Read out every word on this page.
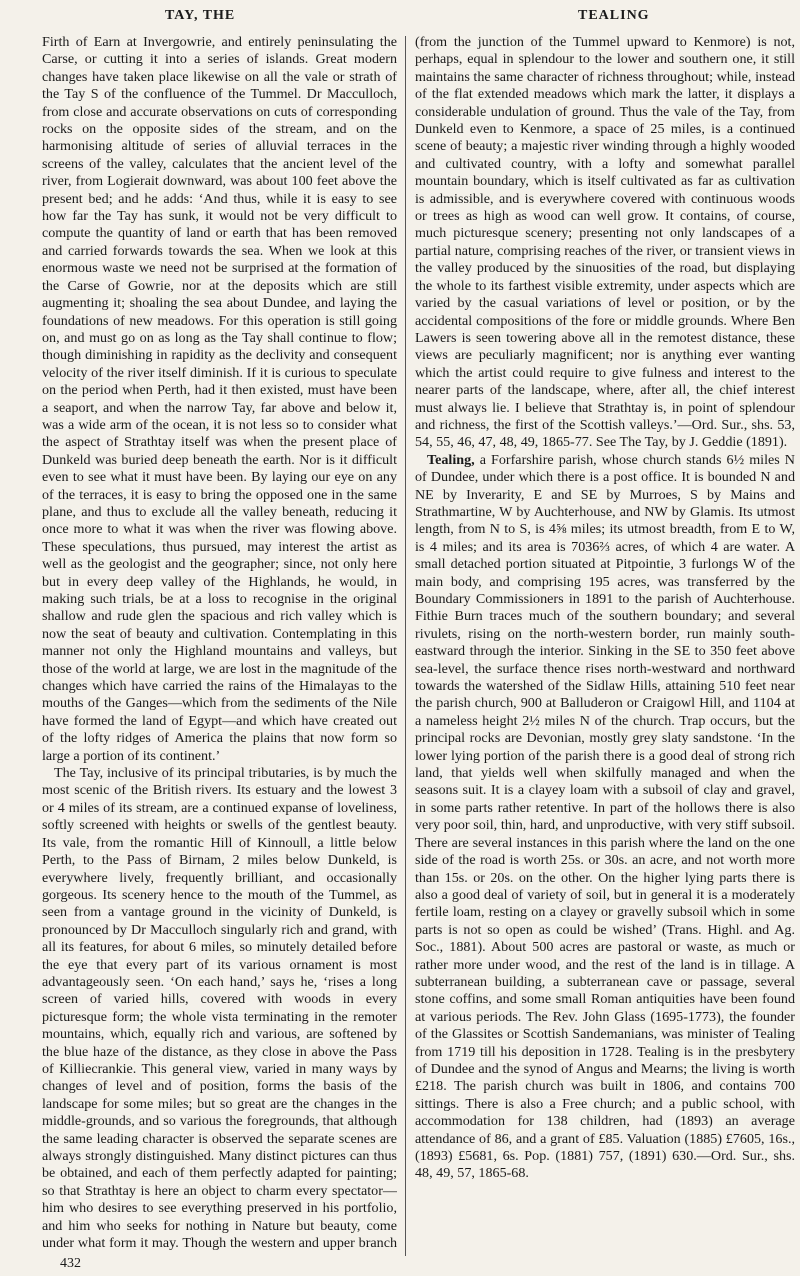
TAY, THE	TEALING

Firth of Earn at Invergowrie, and entirely peninsulating the Carse, or cutting it into a series of islands. Great modern changes have taken place likewise on all the vale or strath of the Tay S of the confluence of the Tummel. Dr Macculloch, from close and accurate observations on cuts of corresponding rocks on the opposite sides of the stream, and on the harmonising altitude of series of alluvial terraces in the screens of the valley, calculates that the ancient level of the river, from Logierait downward, was about 100 feet above the present bed; and he adds: ‘And thus, while it is easy to see how far the Tay has sunk, it would not be very difficult to compute the quantity of land or earth that has been removed and carried forwards towards the sea. When we look at this enormous waste we need not be surprised at the formation of the Carse of Gowrie, nor at the deposits which are still augmenting it; shoaling the sea about Dundee, and laying the foundations of new meadows. For this operation is still going on, and must go on as long as the Tay shall continue to flow; though diminishing in rapidity as the declivity and consequent velocity of the river itself diminish. If it is curious to speculate on the period when Perth, had it then existed, must have been a seaport, and when the narrow Tay, far above and below it, was a wide arm of the ocean, it is not less so to consider what the aspect of Strathtay itself was when the present place of Dunkeld was buried deep beneath the earth. Nor is it difficult even to see what it must have been. By laying our eye on any of the terraces, it is easy to bring the opposed one in the same plane, and thus to exclude all the valley beneath, reducing it once more to what it was when the river was flowing above. These speculations, thus pursued, may interest the artist as well as the geologist and the geographer; since, not only here but in every deep valley of the Highlands, he would, in making such trials, be at a loss to recognise in the original shallow and rude glen the spacious and rich valley which is now the seat of beauty and cultivation. Contemplating in this manner not only the Highland mountains and valleys, but those of the world at large, we are lost in the magnitude of the changes which have carried the rains of the Himalayas to the mouths of the Ganges—which from the sediments of the Nile have formed the land of Egypt—and which have created out of the lofty ridges of America the plains that now form so large a portion of its continent.’

The Tay, inclusive of its principal tributaries, is by much the most scenic of the British rivers. Its estuary and the lowest 3 or 4 miles of its stream, are a continued expanse of loveliness, softly screened with heights or swells of the gentlest beauty. Its vale, from the romantic Hill of Kinnoull, a little below Perth, to the Pass of Birnam, 2 miles below Dunkeld, is everywhere lively, frequently brilliant, and occasionally gorgeous. Its scenery hence to the mouth of the Tummel, as seen from a vantage ground in the vicinity of Dunkeld, is pronounced by Dr Macculloch singularly rich and grand, with all its features, for about 6 miles, so minutely detailed before the eye that every part of its various ornament is most advantageously seen. ‘On each hand,’ says he, ‘rises a long screen of varied hills, covered with woods in every picturesque form; the whole vista terminating in the remoter mountains, which, equally rich and various, are softened by the blue haze of the distance, as they close in above the Pass of Killiecrankie. This general view, varied in many ways by changes of level and of position, forms the basis of the landscape for some miles; but so great are the changes in the middle-grounds, and so various the foregrounds, that although the same leading character is observed the separate scenes are always strongly distinguished. Many distinct pictures can thus be obtained, and each of them perfectly adapted for painting; so that Strathtay is here an object to charm every spectator—him who desires to see everything preserved in his portfolio, and him who seeks for nothing in Nature but beauty, come under what form it may. Though the western and upper branch

(from the junction of the Tummel upward to Kenmore) is not, perhaps, equal in splendour to the lower and southern one, it still maintains the same character of richness throughout; while, instead of the flat extended meadows which mark the latter, it displays a considerable undulation of ground. Thus the vale of the Tay, from Dunkeld even to Kenmore, a space of 25 miles, is a continued scene of beauty; a majestic river winding through a highly wooded and cultivated country, with a lofty and somewhat parallel mountain boundary, which is itself cultivated as far as cultivation is admissible, and is everywhere covered with continuous woods or trees as high as wood can well grow. It contains, of course, much picturesque scenery; presenting not only landscapes of a partial nature, comprising reaches of the river, or transient views in the valley produced by the sinuosities of the road, but displaying the whole to its farthest visible extremity, under aspects which are varied by the casual variations of level or position, or by the accidental compositions of the fore or middle grounds. Where Ben Lawers is seen towering above all in the remotest distance, these views are peculiarly magnificent; nor is anything ever wanting which the artist could require to give fulness and interest to the nearer parts of the landscape, where, after all, the chief interest must always lie. I believe that Strathtay is, in point of splendour and richness, the first of the Scottish valleys.’—Ord. Sur., shs. 53, 54, 55, 46, 47, 48, 49, 1865-77. See The Tay, by J. Geddie (1891).

Tealing, a Forfarshire parish, whose church stands 6½ miles N of Dundee, under which there is a post office. It is bounded N and NE by Inverarity, E and SE by Murroes, S by Mains and Strathmartine, W by Auchterhouse, and NW by Glamis. Its utmost length, from N to S, is 4⅝ miles; its utmost breadth, from E to W, is 4 miles; and its area is 7036⅔ acres, of which 4 are water. A small detached portion situated at Pitpointie, 3 furlongs W of the main body, and comprising 195 acres, was transferred by the Boundary Commissioners in 1891 to the parish of Auchterhouse. Fithie Burn traces much of the southern boundary; and several rivulets, rising on the north-western border, run mainly south-eastward through the interior. Sinking in the SE to 350 feet above sea-level, the surface thence rises north-westward and northward towards the watershed of the Sidlaw Hills, attaining 510 feet near the parish church, 900 at Balluderon or Craigowl Hill, and 1104 at a nameless height 2½ miles N of the church. Trap occurs, but the principal rocks are Devonian, mostly grey slaty sandstone. ‘In the lower lying portion of the parish there is a good deal of strong rich land, that yields well when skilfully managed and when the seasons suit. It is a clayey loam with a subsoil of clay and gravel, in some parts rather retentive. In part of the hollows there is also very poor soil, thin, hard, and unproductive, with very stiff subsoil. There are several instances in this parish where the land on the one side of the road is worth 25s. or 30s. an acre, and not worth more than 15s. or 20s. on the other. On the higher lying parts there is also a good deal of variety of soil, but in general it is a moderately fertile loam, resting on a clayey or gravelly subsoil which in some parts is not so open as could be wished’ (Trans. Highl. and Ag. Soc., 1881). About 500 acres are pastoral or waste, as much or rather more under wood, and the rest of the land is in tillage. A subterranean building, a subterranean cave or passage, several stone coffins, and some small Roman antiquities have been found at various periods. The Rev. John Glass (1695-1773), the founder of the Glassites or Scottish Sandemanians, was minister of Tealing from 1719 till his deposition in 1728. Tealing is in the presbytery of Dundee and the synod of Angus and Mearns; the living is worth £218. The parish church was built in 1806, and contains 700 sittings. There is also a Free church; and a public school, with accommodation for 138 children, had (1893) an average attendance of 86, and a grant of £85. Valuation (1885) £7605, 16s., (1893) £5681, 6s. Pop. (1881) 757, (1891) 630.—Ord. Sur., shs. 48, 49, 57, 1865-68.

432
